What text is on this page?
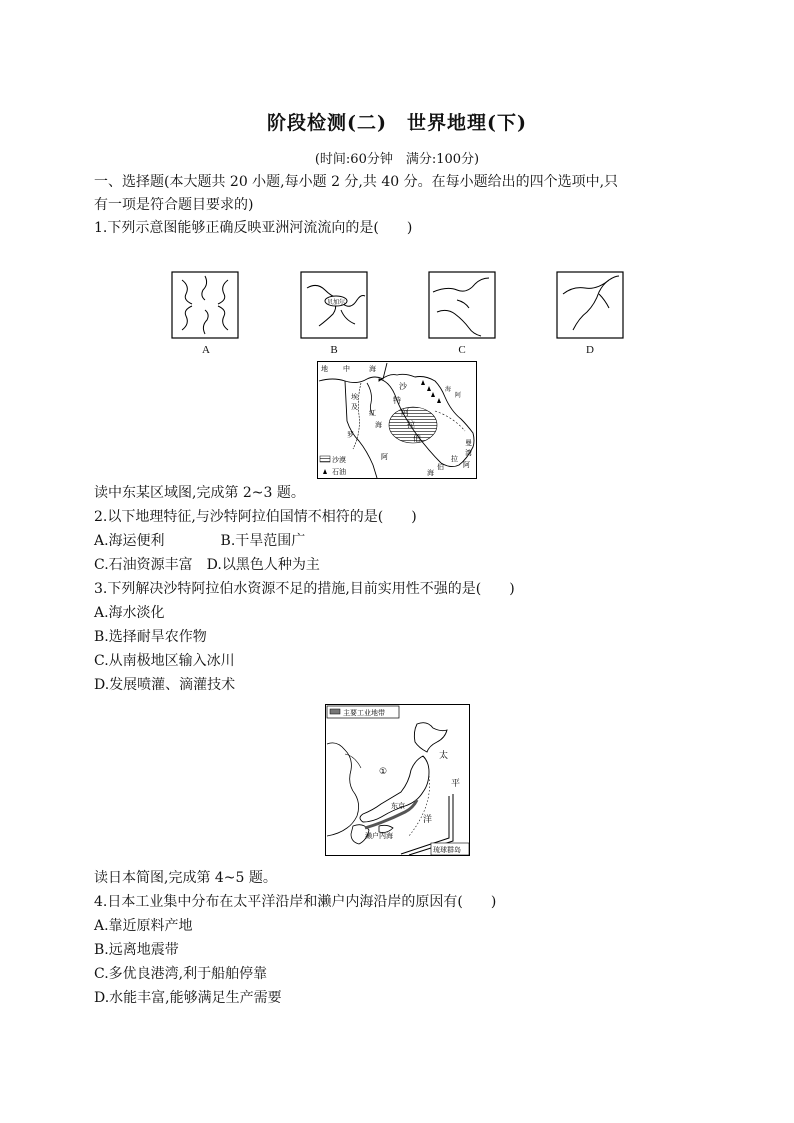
阶段检测(二)　世界地理(下)
(时间:60分钟　满分:100分)
一、选择题(本大题共 20 小题,每小题 2 分,共 40 分。在每小题给出的四个选项中,只
有一项是符合题目要求的)
1.下列示意图能够正确反映亚洲河流流向的是(　　)
A
贝加尔
B	C	D
地 中	海
沙
埃
及
特
阿
拉
伯
红
海
罗
阿
阿
海
曼
湾
阿
拉
伯
海
沙漠
石油
读中东某区域图,完成第 2~3 题。
2.以下地理特征,与沙特阿拉伯国情不相符的是(　　)
A.海运便利　　　　B.干旱范围广
C.石油资源丰富　D.以黑色人种为主
3.下列解决沙特阿拉伯水资源不足的措施,目前实用性不强的是(　　)
A.海水淡化
B.选择耐旱农作物
C.从南极地区输入冰川
D.发展喷灌、滴灌技术
主要工业地带
太
平
洋
①
东京
濑户内海
琉球群岛
读日本简图,完成第 4~5 题。
4.日本工业集中分布在太平洋沿岸和濑户内海沿岸的原因有(　　)
A.靠近原料产地
B.远离地震带
C.多优良港湾,利于船舶停靠
D.水能丰富,能够满足生产需要
